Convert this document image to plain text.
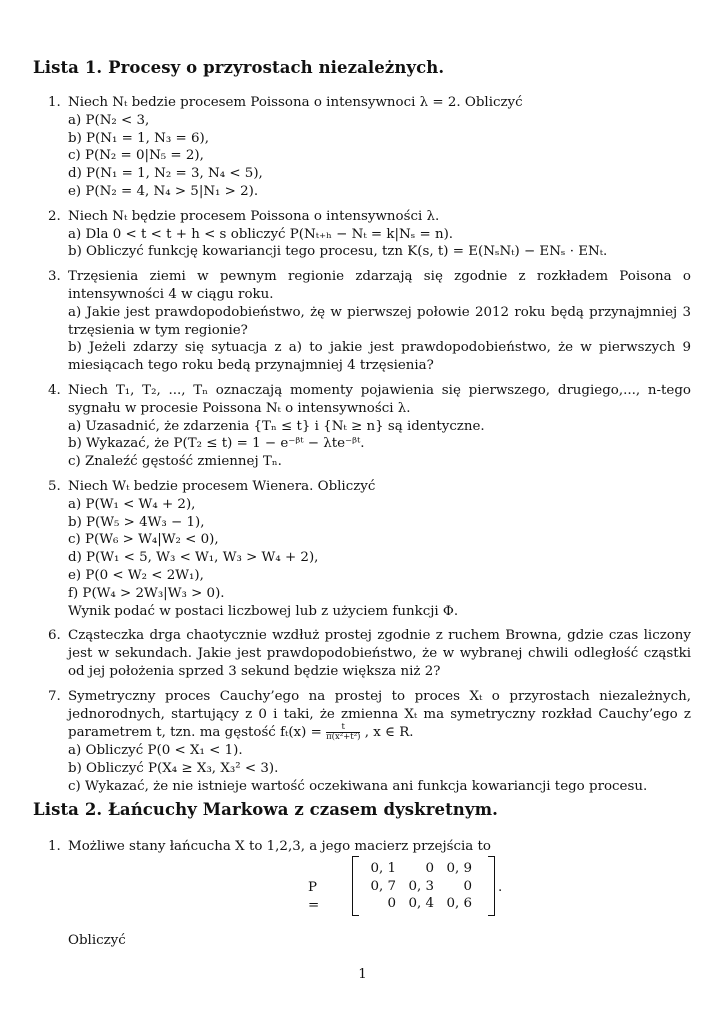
Lista 1. Procesy o przyrostach niezależnych.
1. Niech Nₜ bedzie procesem Poissona o intensywnoci λ = 2. Obliczyć
a) P(N₂ < 3,
b) P(N₁ = 1, N₃ = 6),
c) P(N₂ = 0|N₅ = 2),
d) P(N₁ = 1, N₂ = 3, N₄ < 5),
e) P(N₂ = 4, N₄ > 5|N₁ > 2).
2. Niech Nₜ będzie procesem Poissona o intensywności λ.
a) Dla 0 < t < t + h < s obliczyć P(Nₜ₊ₕ − Nₜ = k|Nₛ = n).
b) Obliczyć funkcję kowariancji tego procesu, tzn K(s, t) = E(NₛNₜ) − ENₛ · ENₜ.
3. Trzęsienia ziemi w pewnym regionie zdarzają się zgodnie z rozkładem Poisona o intensywności 4 w ciągu roku.
a) Jakie jest prawdopodobieństwo, żę w pierwszej połowie 2012 roku będą przynajmniej 3 trzęsienia w tym regionie?
b) Jeżeli zdarzy się sytuacja z a) to jakie jest prawdopodobieństwo, że w pierwszych 9 miesiącach tego roku bedą przynajmniej 4 trzęsienia?
4. Niech T₁, T₂, ..., Tₙ oznaczają momenty pojawienia się pierwszego, drugiego,..., n-tego sygnału w procesie Poissona Nₜ o intensywności λ.
a) Uzasadnić, że zdarzenia {Tₙ ≤ t} i {Nₜ ≥ n} są identyczne.
b) Wykazać, że P(T₂ ≤ t) = 1 − e⁻ᵝᵗ − λte⁻ᵝᵗ.
c) Znaleźć gęstość zmiennej Tₙ.
5. Niech Wₜ bedzie procesem Wienera. Obliczyć
a) P(W₁ < W₄ + 2),
b) P(W₅ > 4W₃ − 1),
c) P(W₆ > W₄|W₂ < 0),
d) P(W₁ < 5, W₃ < W₁, W₃ > W₄ + 2),
e) P(0 < W₂ < 2W₁),
f) P(W₄ > 2W₃|W₃ > 0).
Wynik podać w postaci liczbowej lub z użyciem funkcji Φ.
6. Cząsteczka drga chaotycznie wzdłuż prostej zgodnie z ruchem Browna, gdzie czas liczony jest w sekundach. Jakie jest prawdopodobieństwo, że w wybranej chwili odległość cząstki od jej położenia sprzed 3 sekund będzie większa niż 2?
7. Symetryczny proces Cauchy’ego na prostej to proces Xₜ o przyrostach niezależnych, jednorodnych, startujący z 0 i taki, że zmienna Xₜ ma symetryczny rozkład Cauchy’ego z parametrem t, tzn. ma gęstość $f_t(x) = \frac{t}{\text{π(x²+t²)}}$ , x ∈ R.
a) Obliczyć P(0 < X₁ < 1).
b) Obliczyć P(X₄ ≥ X₃, X₃² < 3).
c) Wykazać, że nie istnieje wartość oczekiwana ani funkcja kowariancji tego procesu.
Lista 2. Łańcuchy Markowa z czasem dyskretnym.
1. Możliwe stany łańcucha X to 1,2,3, a jego macierz przejścia to
P =
0, 1	0	0, 9
0, 7	0, 3	0
0	0, 4	0, 6
.
Obliczyć
1
